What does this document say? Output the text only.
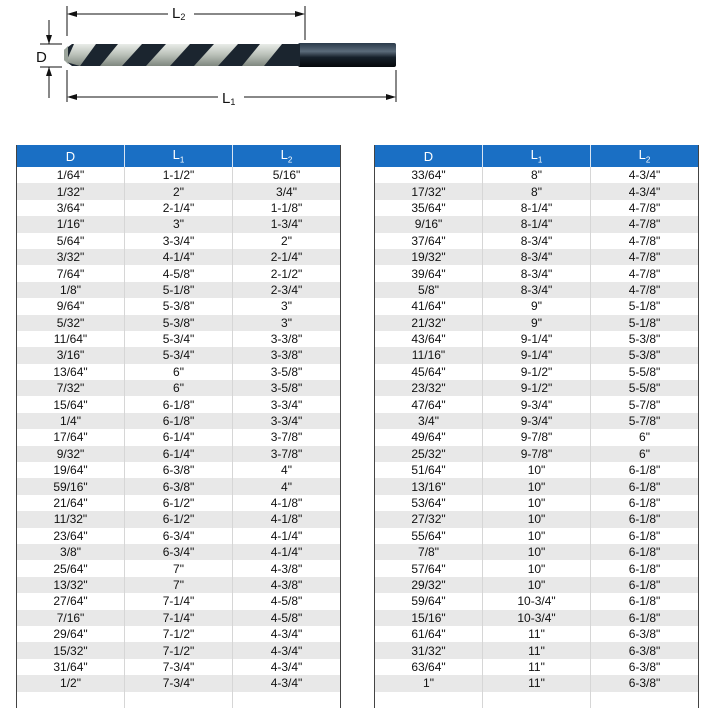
L2
D
L1
D	$L_1$	$L_2$
1/64"	1-1/2"	5/16"
1/32"	2"	3/4"
3/64"	2-1/4"	1-1/8"
1/16"	3"	1-3/4"
5/64"	3-3/4"	2"
3/32"	4-1/4"	2-1/4"
7/64"	4-5/8"	2-1/2"
1/8"	5-1/8"	2-3/4"
9/64"	5-3/8"	3"
5/32"	5-3/8"	3"
11/64"	5-3/4"	3-3/8"
3/16"	5-3/4"	3-3/8"
13/64"	6"	3-5/8"
7/32"	6"	3-5/8"
15/64"	6-1/8"	3-3/4"
1/4"	6-1/8"	3-3/4"
17/64"	6-1/4"	3-7/8"
9/32"	6-1/4"	3-7/8"
19/64"	6-3/8"	4"
59/16"	6-3/8"	4"
21/64"	6-1/2"	4-1/8"
11/32"	6-1/2"	4-1/8"
23/64"	6-3/4"	4-1/4"
3/8"	6-3/4"	4-1/4"
25/64"	7"	4-3/8"
13/32"	7"	4-3/8"
27/64"	7-1/4"	4-5/8"
7/16"	7-1/4"	4-5/8"
29/64"	7-1/2"	4-3/4"
15/32"	7-1/2"	4-3/4"
31/64"	7-3/4"	4-3/4"
1/2"	7-3/4"	4-3/4"

D	$L_1$	$L_2$
33/64"	8"	4-3/4"
17/32"	8"	4-3/4"
35/64"	8-1/4"	4-7/8"
9/16"	8-1/4"	4-7/8"
37/64"	8-3/4"	4-7/8"
19/32"	8-3/4"	4-7/8"
39/64"	8-3/4"	4-7/8"
5/8"	8-3/4"	4-7/8"
41/64"	9"	5-1/8"
21/32"	9"	5-1/8"
43/64"	9-1/4"	5-3/8"
11/16"	9-1/4"	5-3/8"
45/64"	9-1/2"	5-5/8"
23/32"	9-1/2"	5-5/8"
47/64"	9-3/4"	5-7/8"
3/4"	9-3/4"	5-7/8"
49/64"	9-7/8"	6"
25/32"	9-7/8"	6"
51/64"	10"	6-1/8"
13/16"	10"	6-1/8"
53/64"	10"	6-1/8"
27/32"	10"	6-1/8"
55/64"	10"	6-1/8"
7/8"	10"	6-1/8"
57/64"	10"	6-1/8"
29/32"	10"	6-1/8"
59/64"	10-3/4"	6-1/8"
15/16"	10-3/4"	6-1/8"
61/64"	11"	6-3/8"
31/32"	11"	6-3/8"
63/64"	11"	6-3/8"
1"	11"	6-3/8"
